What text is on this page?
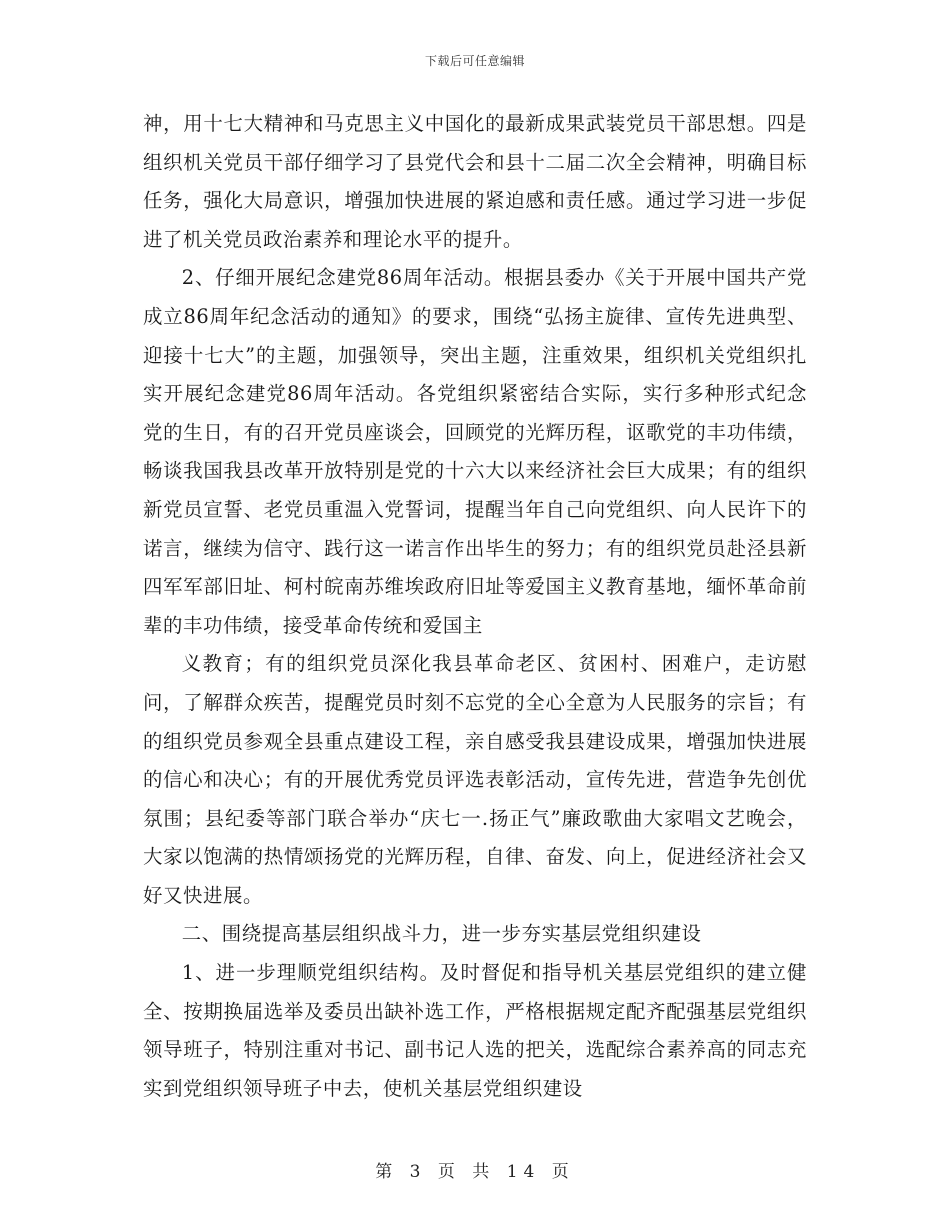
下载后可任意编辑

神，用十七大精神和马克思主义中国化的最新成果武装党员干部思想。四是组织机关党员干部仔细学习了县党代会和县十二届二次全会精神，明确目标任务，强化大局意识，增强加快进展的紧迫感和责任感。通过学习进一步促进了机关党员政治素养和理论水平的提升。

2、仔细开展纪念建党86周年活动。根据县委办《关于开展中国共产党成立86周年纪念活动的通知》的要求，围绕“弘扬主旋律、宣传先进典型、迎接十七大”的主题，加强领导，突出主题，注重效果，组织机关党组织扎实开展纪念建党86周年活动。各党组织紧密结合实际，实行多种形式纪念党的生日，有的召开党员座谈会，回顾党的光辉历程，讴歌党的丰功伟绩，畅谈我国我县改革开放特别是党的十六大以来经济社会巨大成果；有的组织新党员宣誓、老党员重温入党誓词，提醒当年自己向党组织、向人民许下的诺言，继续为信守、践行这一诺言作出毕生的努力；有的组织党员赴泾县新四军军部旧址、柯村皖南苏维埃政府旧址等爱国主义教育基地，缅怀革命前辈的丰功伟绩，接受革命传统和爱国主

义教育；有的组织党员深化我县革命老区、贫困村、困难户，走访慰问，了解群众疾苦，提醒党员时刻不忘党的全心全意为人民服务的宗旨；有的组织党员参观全县重点建设工程，亲自感受我县建设成果，增强加快进展的信心和决心；有的开展优秀党员评选表彰活动，宣传先进，营造争先创优氛围；县纪委等部门联合举办“庆七一.扬正气”廉政歌曲大家唱文艺晚会，大家以饱满的热情颂扬党的光辉历程，自律、奋发、向上，促进经济社会又好又快进展。

二、围绕提高基层组织战斗力，进一步夯实基层党组织建设

1、进一步理顺党组织结构。及时督促和指导机关基层党组织的建立健全、按期换届选举及委员出缺补选工作，严格根据规定配齐配强基层党组织领导班子，特别注重对书记、副书记人选的把关，选配综合素养高的同志充实到党组织领导班子中去，使机关基层党组织建设

第 3 页 共 14 页
